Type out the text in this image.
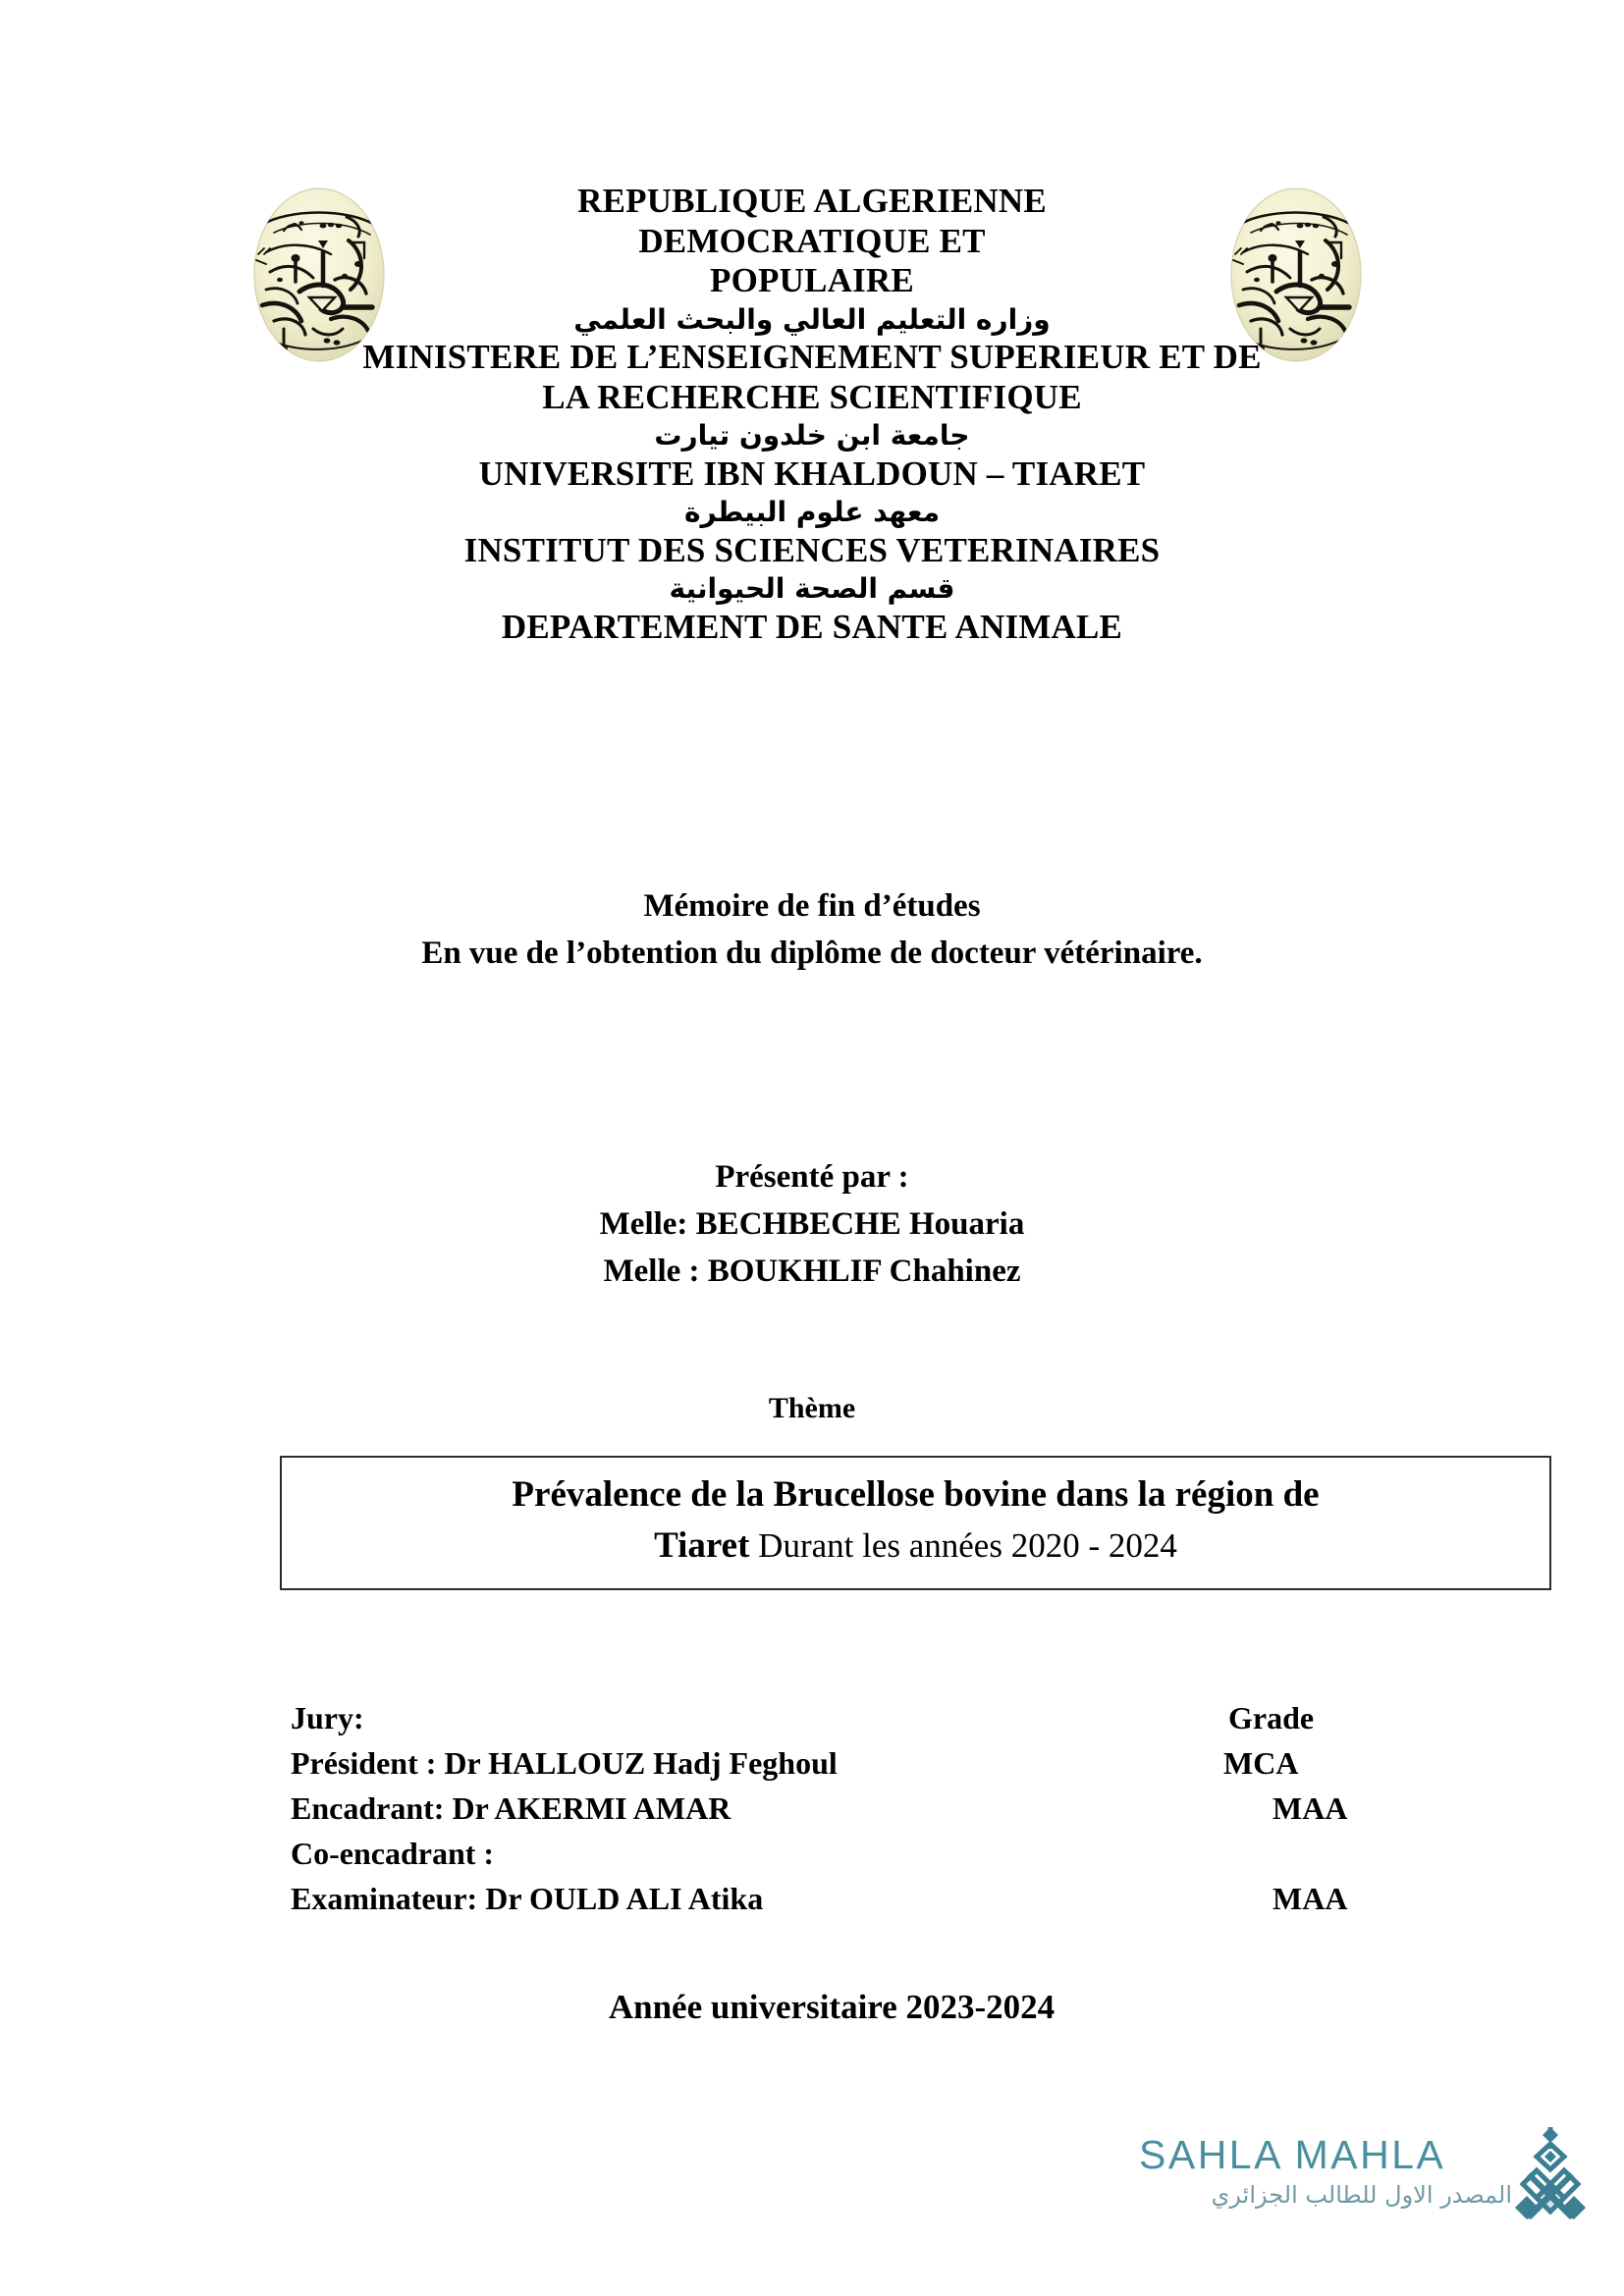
REPUBLIQUE ALGERIENNE
DEMOCRATIQUE ET
POPULAIRE
وزاره التعليم العالي والبحث العلمي
MINISTERE DE L’ENSEIGNEMENT SUPERIEUR ET DE
LA RECHERCHE SCIENTIFIQUE
جامعة ابن خلدون تيارت
UNIVERSITE IBN KHALDOUN – TIARET
معهد علوم البيطرة
INSTITUT DES SCIENCES VETERINAIRES
قسم الصحة الحيوانية
DEPARTEMENT DE SANTE ANIMALE
Mémoire de fin d’études
En vue de l’obtention du diplôme de docteur vétérinaire.
Présenté par :
Melle: BECHBECHE Houaria
Melle : BOUKHLIF Chahinez
Thème
Prévalence de la Brucellose bovine dans la région de
Tiaret Durant les années 2020 - 2024
Jury:	Grade
Président : Dr HALLOUZ Hadj Feghoul	MCA
Encadrant: Dr AKERMI AMAR	MAA
Co-encadrant :
Examinateur: Dr OULD ALI Atika	MAA
Année universitaire 2023-2024
SAHLA MAHLA
المصدر الاول للطالب الجزائري
